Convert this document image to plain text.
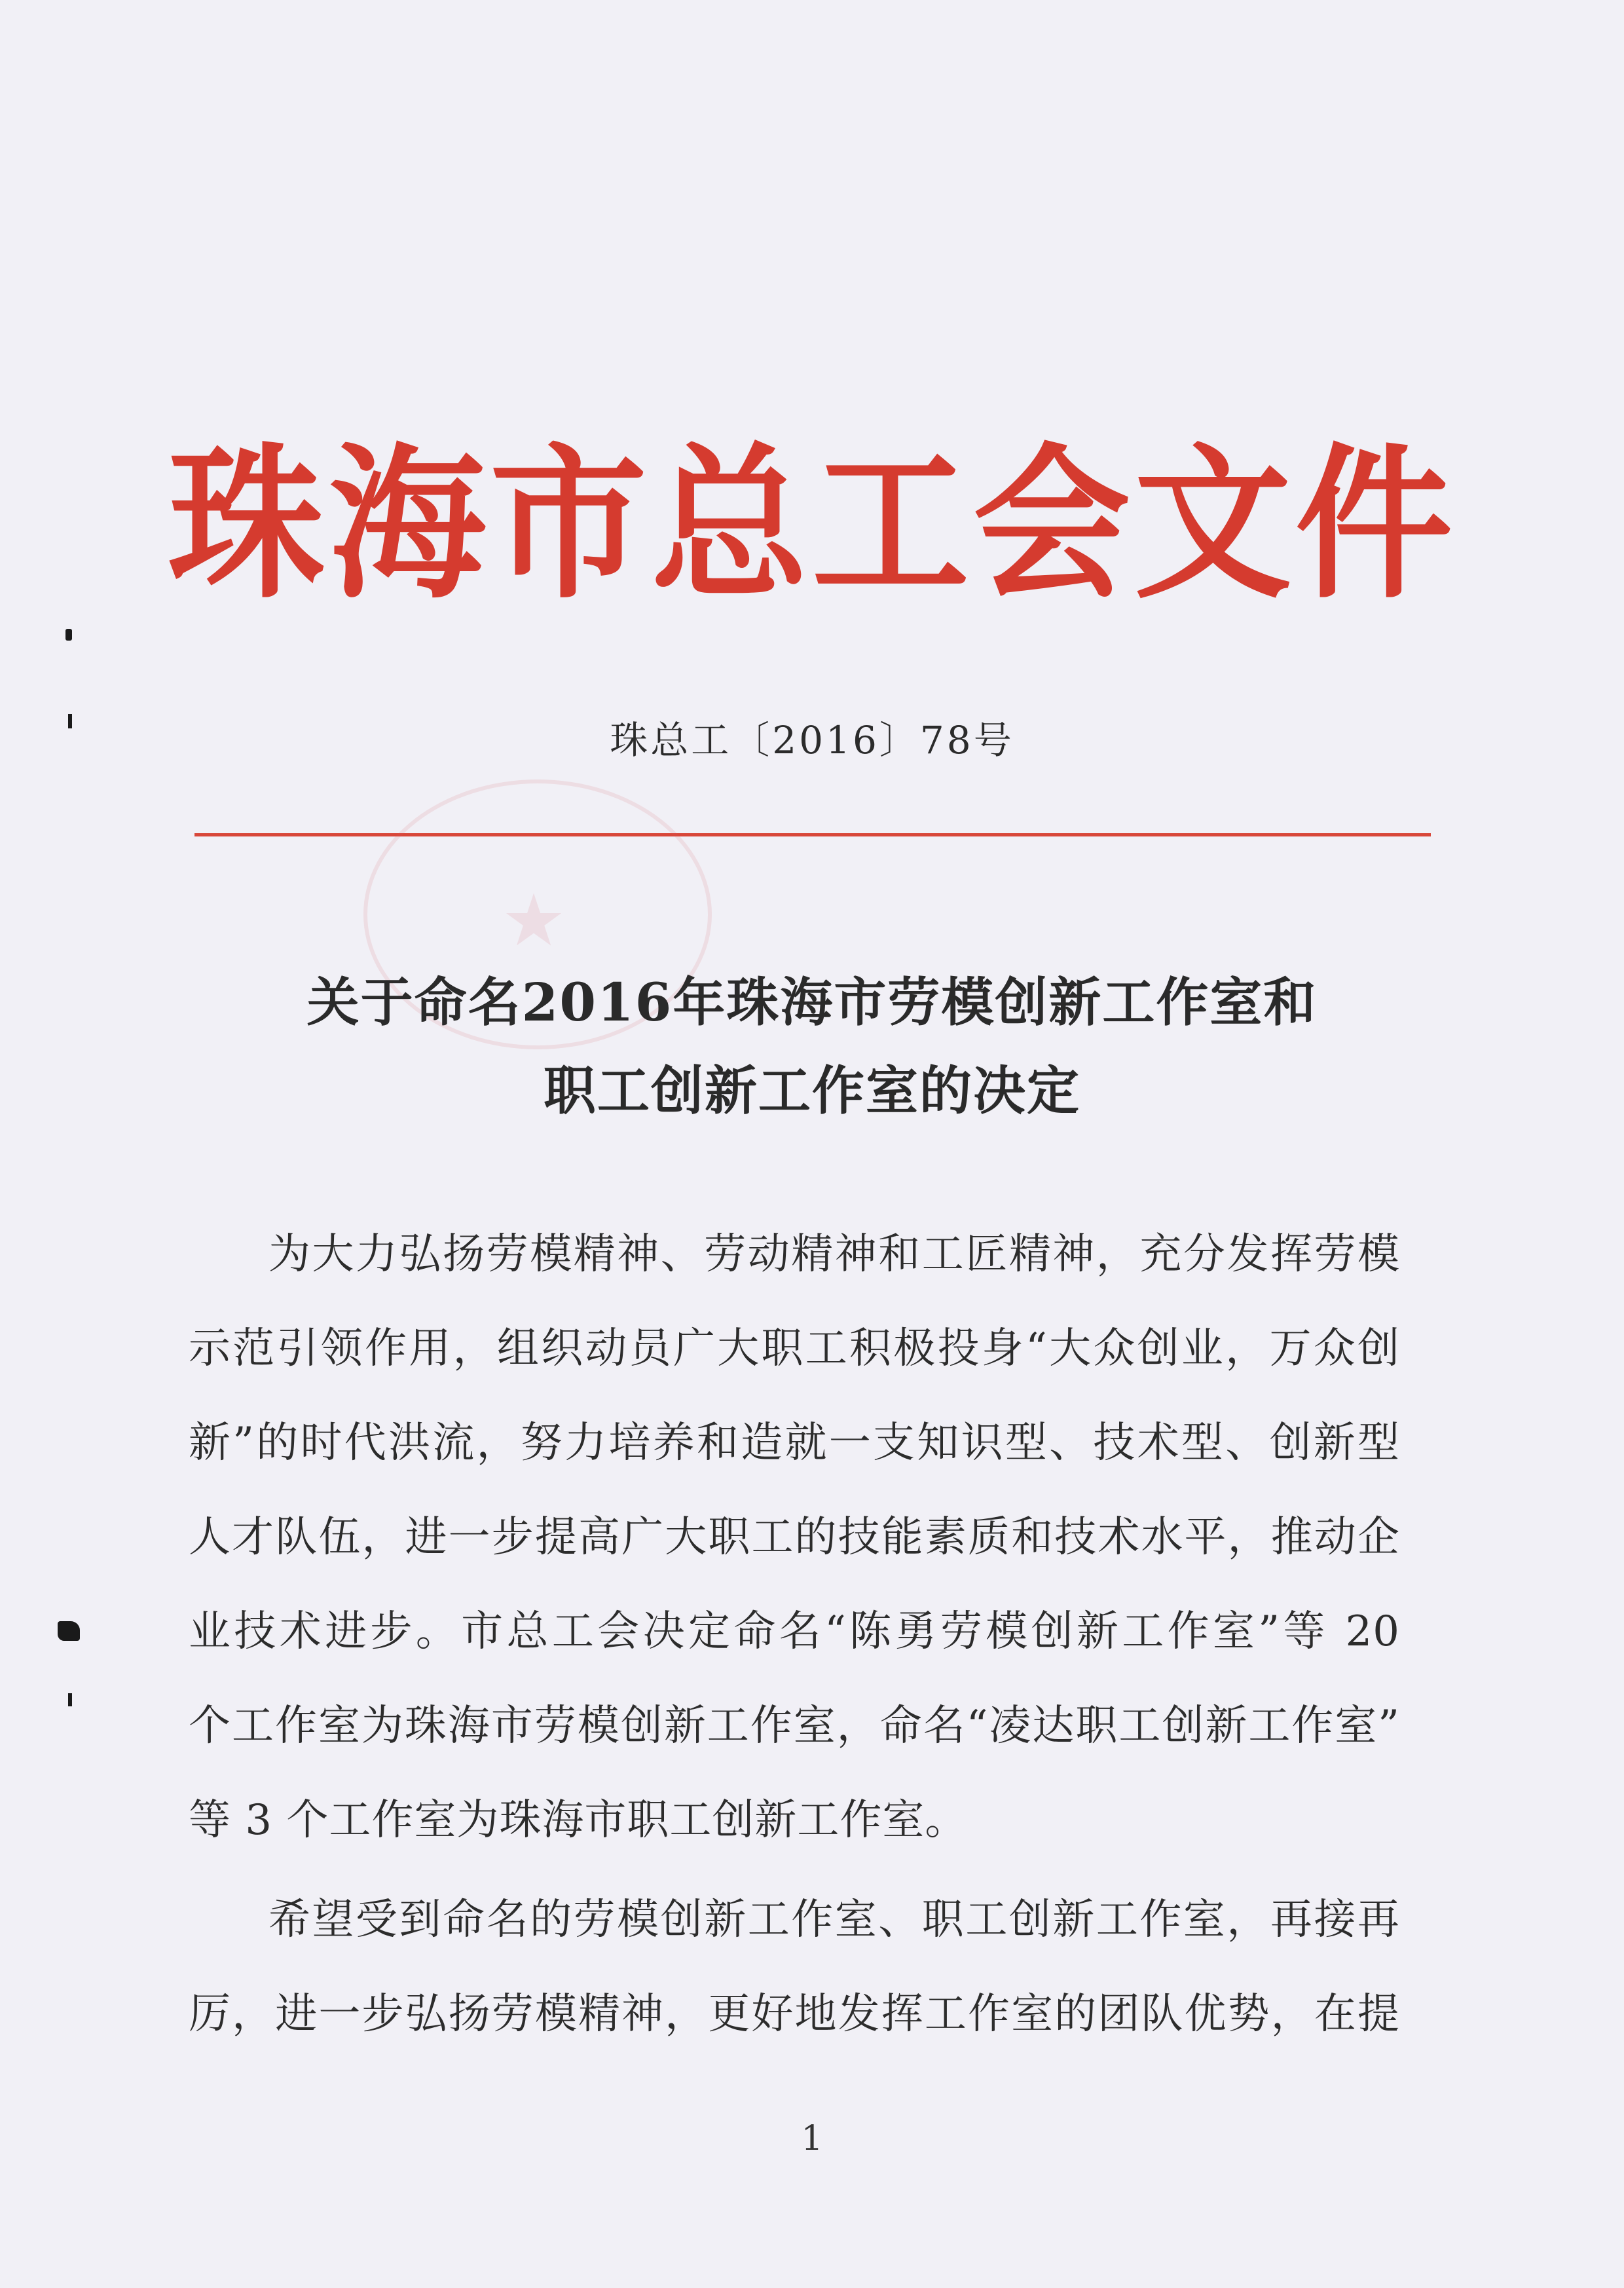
珠海市总工会文件
珠总工〔2016〕78号
★
关于命名2016年珠海市劳模创新工作室和
职工创新工作室的决定
为大力弘扬劳模精神、劳动精神和工匠精神，充分发挥劳模
示范引领作用，组织动员广大职工积极投身“大众创业，万众创
新”的时代洪流，努力培养和造就一支知识型、技术型、创新型
人才队伍，进一步提高广大职工的技能素质和技术水平，推动企
业技术进步。市总工会决定命名“陈勇劳模创新工作室”等 20
个工作室为珠海市劳模创新工作室，命名“凌达职工创新工作室”
等 3 个工作室为珠海市职工创新工作室。
希望受到命名的劳模创新工作室、职工创新工作室，再接再
厉，进一步弘扬劳模精神，更好地发挥工作室的团队优势，在提
1
